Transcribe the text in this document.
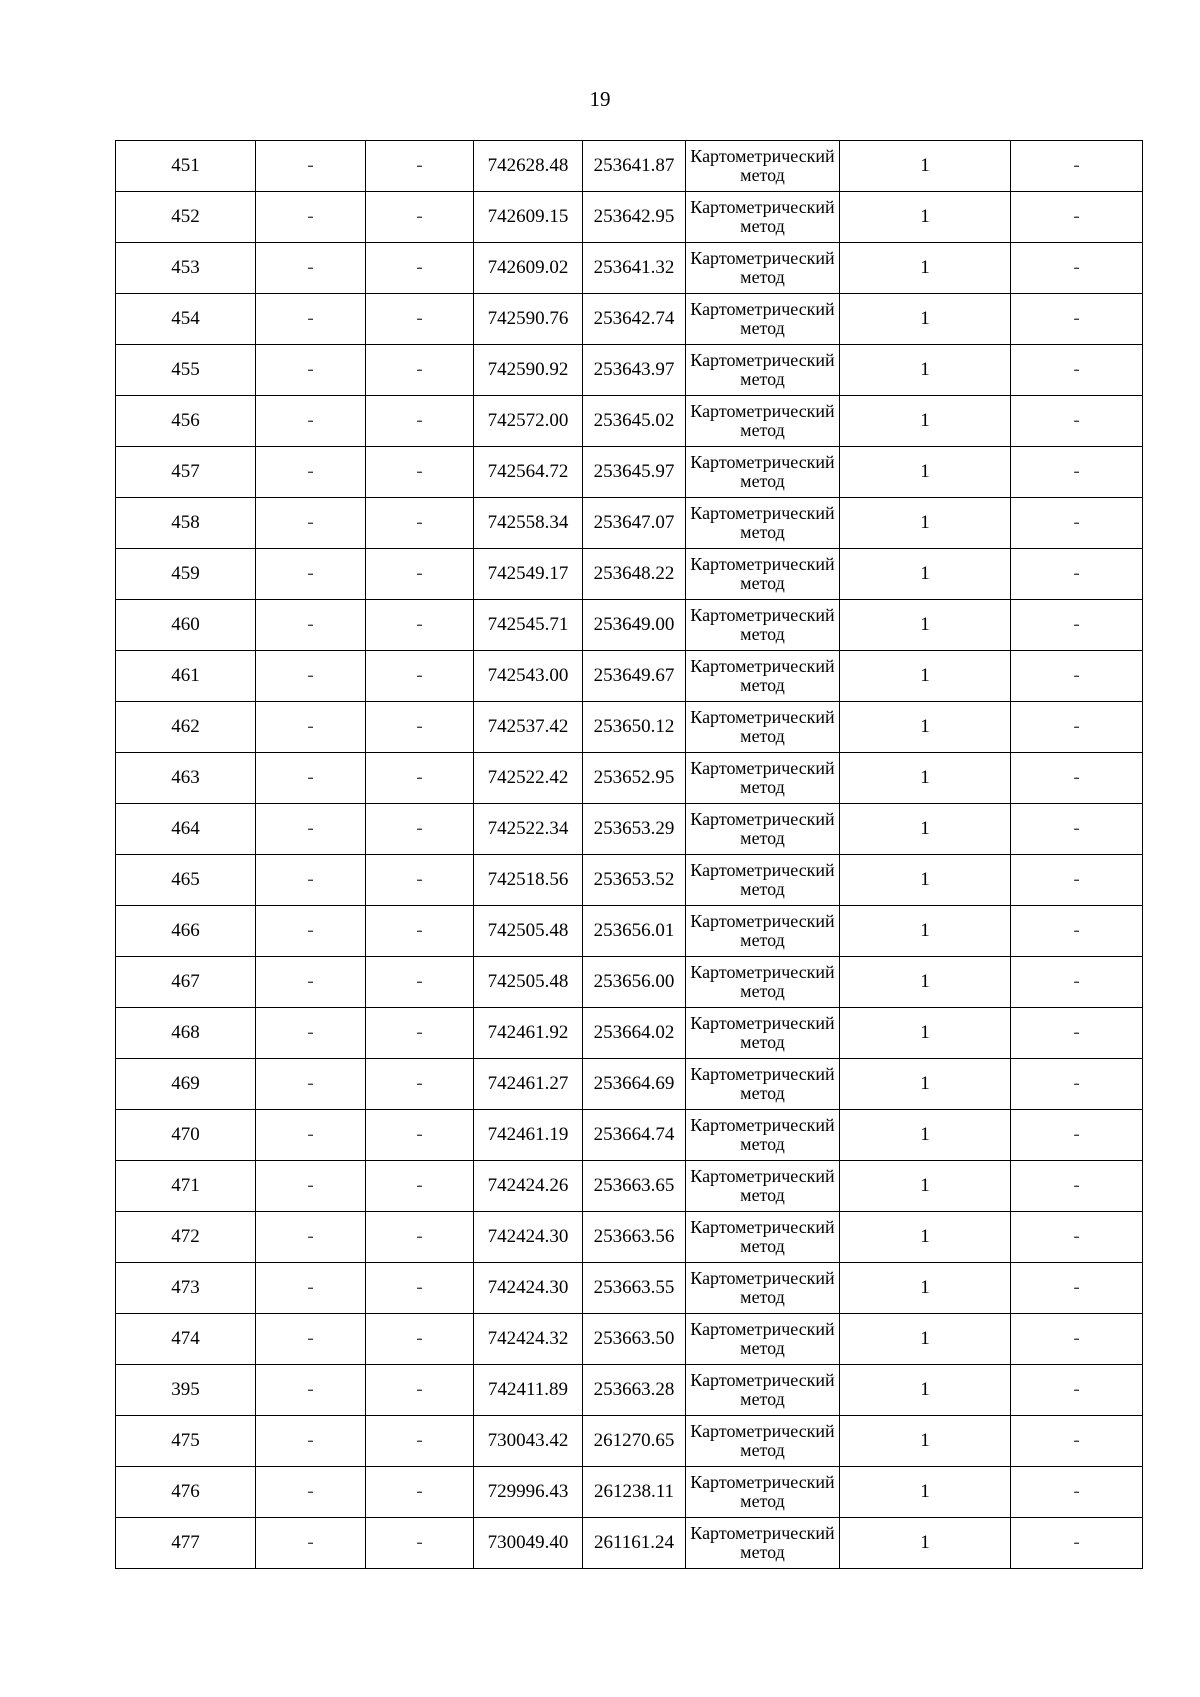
19
451	-	-	742628.48	253641.87	Картометрический метод	1	-
452	-	-	742609.15	253642.95	Картометрический метод	1	-
453	-	-	742609.02	253641.32	Картометрический метод	1	-
454	-	-	742590.76	253642.74	Картометрический метод	1	-
455	-	-	742590.92	253643.97	Картометрический метод	1	-
456	-	-	742572.00	253645.02	Картометрический метод	1	-
457	-	-	742564.72	253645.97	Картометрический метод	1	-
458	-	-	742558.34	253647.07	Картометрический метод	1	-
459	-	-	742549.17	253648.22	Картометрический метод	1	-
460	-	-	742545.71	253649.00	Картометрический метод	1	-
461	-	-	742543.00	253649.67	Картометрический метод	1	-
462	-	-	742537.42	253650.12	Картометрический метод	1	-
463	-	-	742522.42	253652.95	Картометрический метод	1	-
464	-	-	742522.34	253653.29	Картометрический метод	1	-
465	-	-	742518.56	253653.52	Картометрический метод	1	-
466	-	-	742505.48	253656.01	Картометрический метод	1	-
467	-	-	742505.48	253656.00	Картометрический метод	1	-
468	-	-	742461.92	253664.02	Картометрический метод	1	-
469	-	-	742461.27	253664.69	Картометрический метод	1	-
470	-	-	742461.19	253664.74	Картометрический метод	1	-
471	-	-	742424.26	253663.65	Картометрический метод	1	-
472	-	-	742424.30	253663.56	Картометрический метод	1	-
473	-	-	742424.30	253663.55	Картометрический метод	1	-
474	-	-	742424.32	253663.50	Картометрический метод	1	-
395	-	-	742411.89	253663.28	Картометрический метод	1	-
475	-	-	730043.42	261270.65	Картометрический метод	1	-
476	-	-	729996.43	261238.11	Картометрический метод	1	-
477	-	-	730049.40	261161.24	Картометрический метод	1	-
